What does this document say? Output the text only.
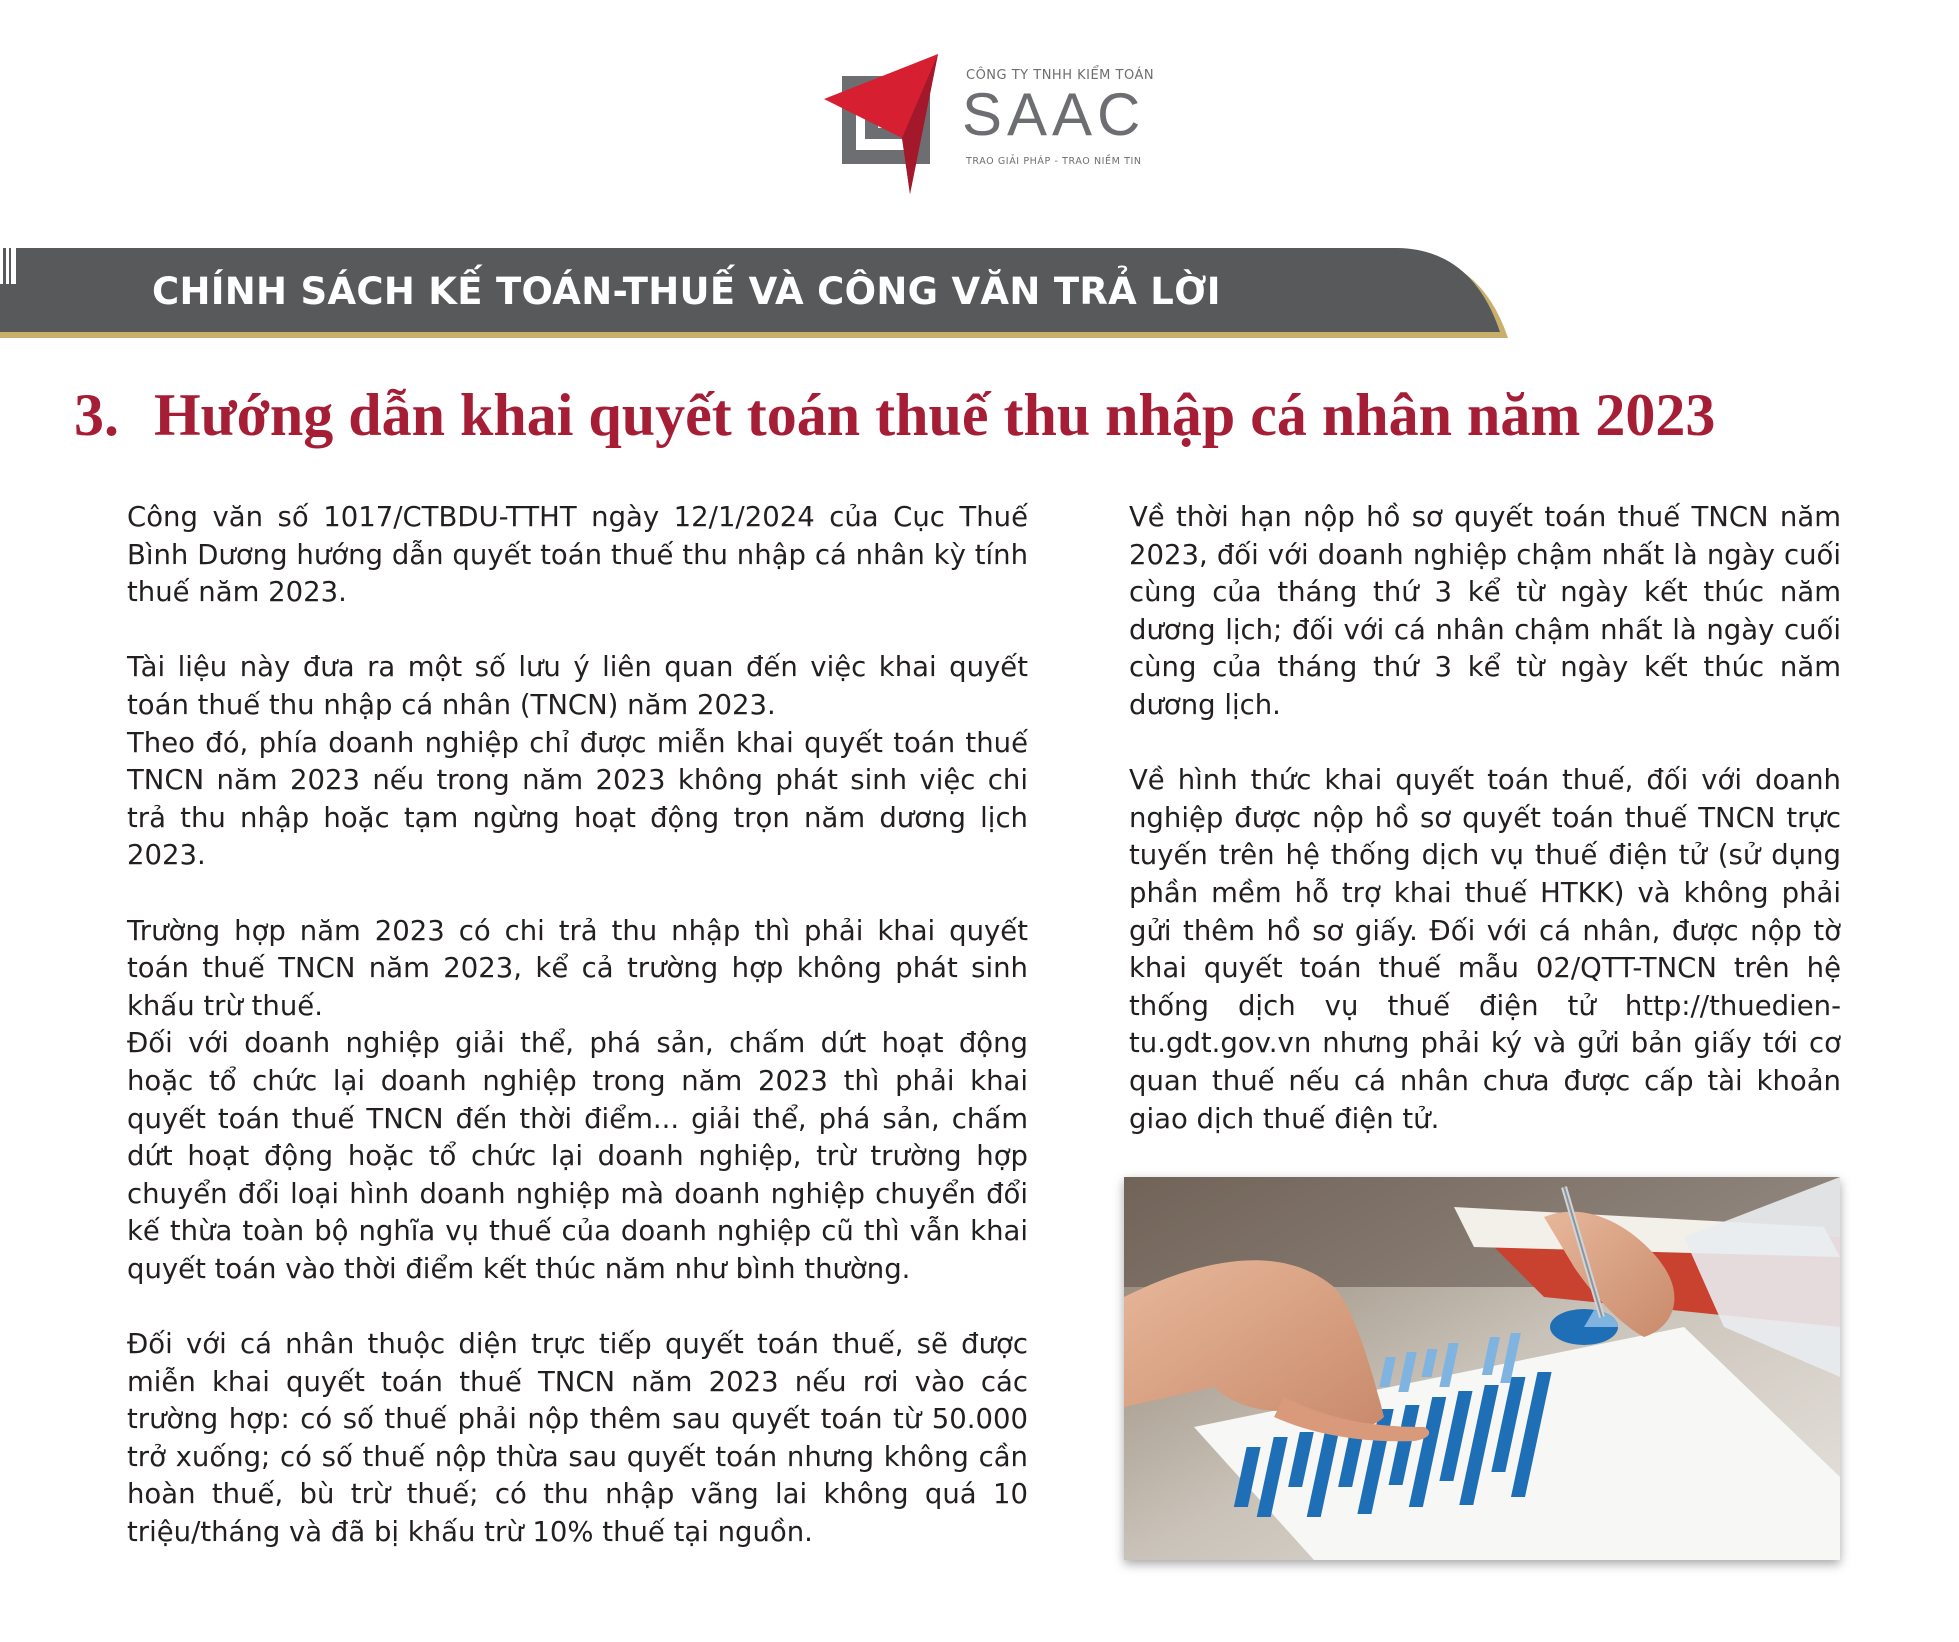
CÔNG TY TNHH KIỂM TOÁN
SAAC
TRAO GIẢI PHÁP - TRAO NIỀM TIN
CHÍNH SÁCH KẾ TOÁN-THUẾ VÀ CÔNG VĂN TRẢ LỜI
3. Hướng dẫn khai quyết toán thuế thu nhập cá nhân năm 2023

Công văn số 1017/CTBDU-TTHT ngày 12/1/2024 của Cục Thuế Bình Dương hướng dẫn quyết toán thuế thu nhập cá nhân kỳ tính thuế năm 2023.

Tài liệu này đưa ra một số lưu ý liên quan đến việc khai quyết toán thuế thu nhập cá nhân (TNCN) năm 2023.

Theo đó, phía doanh nghiệp chỉ được miễn khai quyết toán thuế TNCN năm 2023 nếu trong năm 2023 không phát sinh việc chi trả thu nhập hoặc tạm ngừng hoạt động trọn năm dương lịch 2023.

Trường hợp năm 2023 có chi trả thu nhập thì phải khai quyết toán thuế TNCN năm 2023, kể cả trường hợp không phát sinh khấu trừ thuế.

Đối với doanh nghiệp giải thể, phá sản, chấm dứt hoạt động hoặc tổ chức lại doanh nghiệp trong năm 2023 thì phải khai quyết toán thuế TNCN đến thời điểm... giải thể, phá sản, chấm dứt hoạt động hoặc tổ chức lại doanh nghiệp, trừ trường hợp chuyển đổi loại hình doanh nghiệp mà doanh nghiệp chuyển đổi kế thừa toàn bộ nghĩa vụ thuế của doanh nghiệp cũ thì vẫn khai quyết toán vào thời điểm kết thúc năm như bình thường.

Đối với cá nhân thuộc diện trực tiếp quyết toán thuế, sẽ được miễn khai quyết toán thuế TNCN năm 2023 nếu rơi vào các trường hợp: có số thuế phải nộp thêm sau quyết toán từ 50.000 trở xuống; có số thuế nộp thừa sau quyết toán nhưng không cần hoàn thuế, bù trừ thuế; có thu nhập vãng lai không quá 10 triệu/tháng và đã bị khấu trừ 10% thuế tại nguồn.

Về thời hạn nộp hồ sơ quyết toán thuế TNCN năm 2023, đối với doanh nghiệp chậm nhất là ngày cuối cùng của tháng thứ 3 kể từ ngày kết thúc năm dương lịch; đối với cá nhân chậm nhất là ngày cuối cùng của tháng thứ 3 kể từ ngày kết thúc năm dương lịch.

Về hình thức khai quyết toán thuế, đối với doanh nghiệp được nộp hồ sơ quyết toán thuế TNCN trực tuyến trên hệ thống dịch vụ thuế điện tử (sử dụng phần mềm hỗ trợ khai thuế HTKK) và không phải gửi thêm hồ sơ giấy. Đối với cá nhân, được nộp tờ khai quyết toán thuế mẫu 02/QTT-TNCN trên hệ thống dịch vụ thuế điện tử http://thuedien-tu.gdt.gov.vn nhưng phải ký và gửi bản giấy tới cơ quan thuế nếu cá nhân chưa được cấp tài khoản giao dịch thuế điện tử.
